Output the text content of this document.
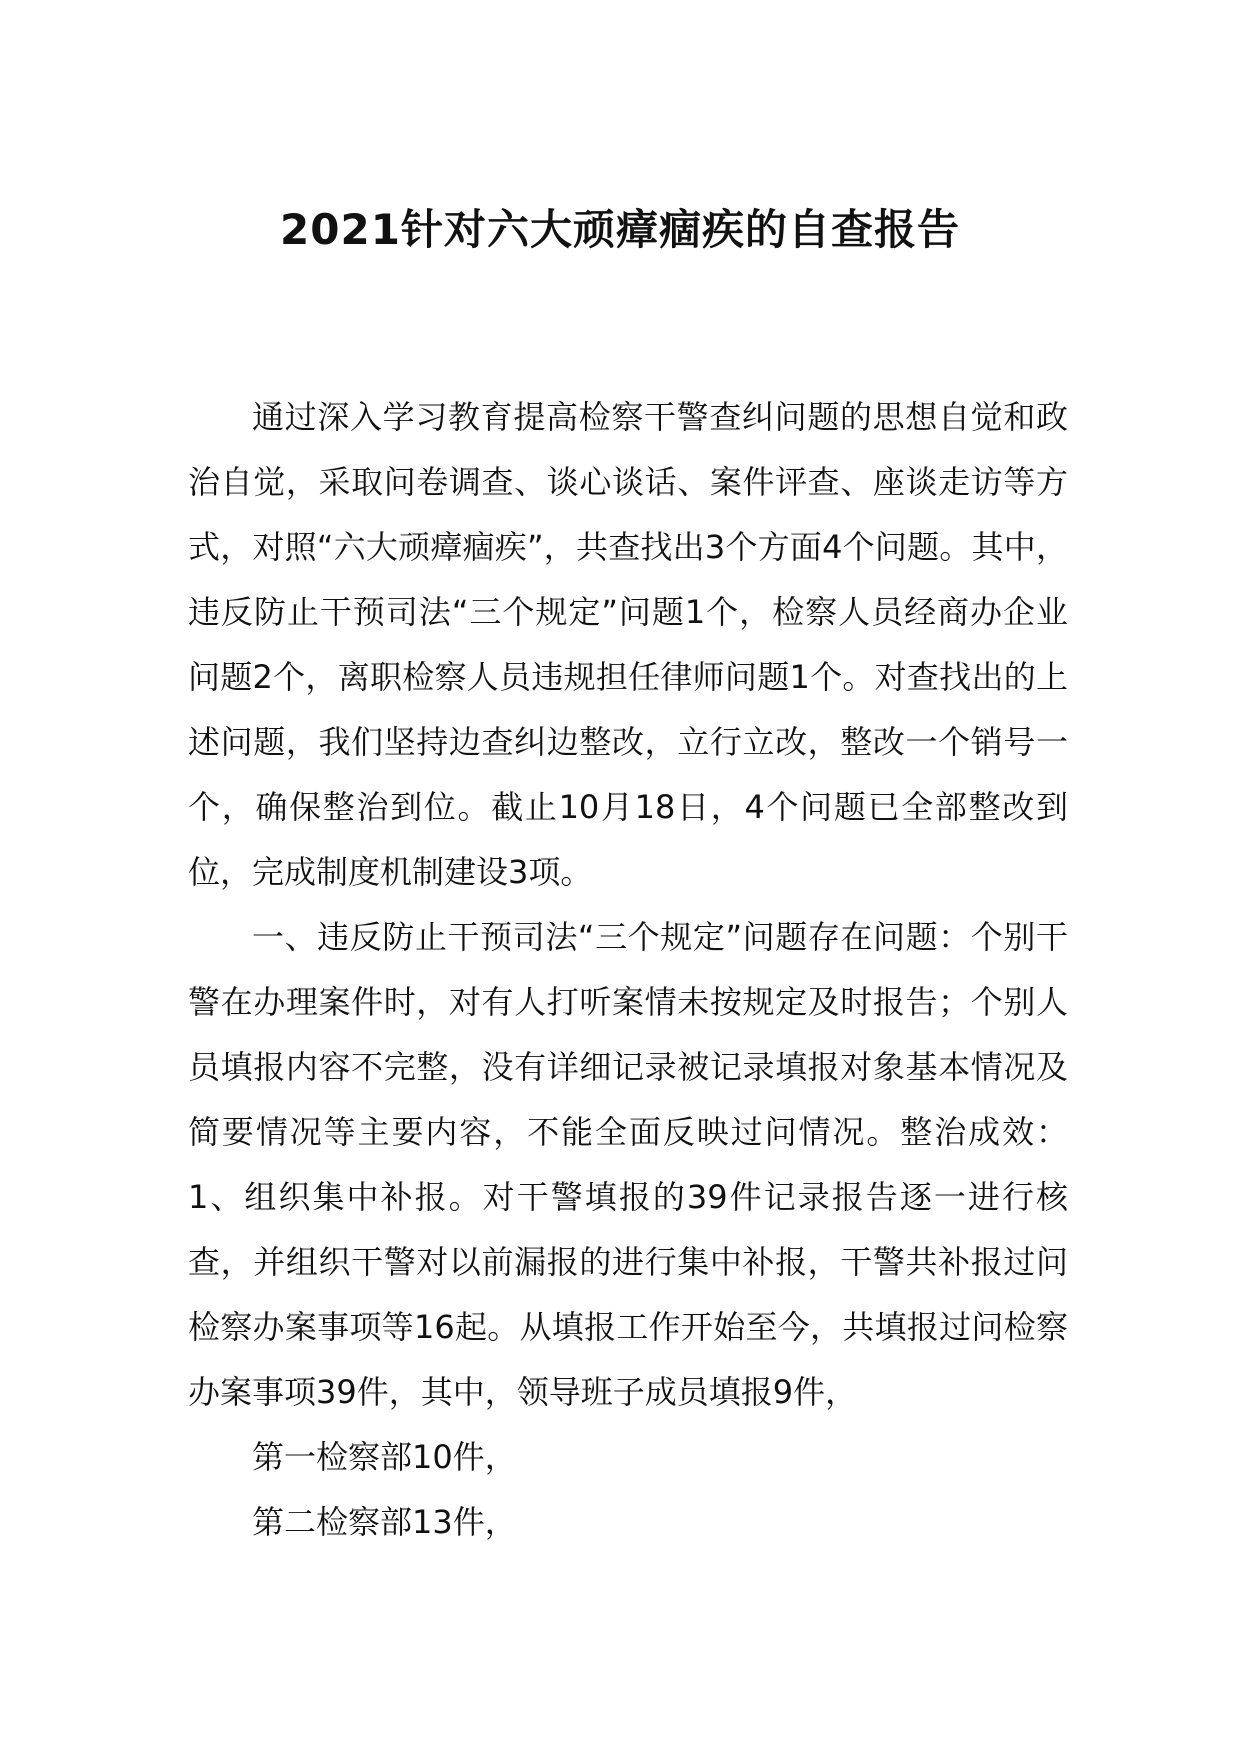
2021针对六大顽瘴痼疾的自查报告

通过深入学习教育提高检察干警查纠问题的思想自觉和政治自觉，采取问卷调查、谈心谈话、案件评查、座谈走访等方式，对照“六大顽瘴痼疾”，共查找出3个方面4个问题。其中，违反防止干预司法“三个规定”问题1个，检察人员经商办企业问题2个，离职检察人员违规担任律师问题1个。对查找出的上述问题，我们坚持边查纠边整改，立行立改，整改一个销号一个，确保整治到位。截止10月18日，4个问题已全部整改到位，完成制度机制建设3项。

一、违反防止干预司法“三个规定”问题存在问题：个别干警在办理案件时，对有人打听案情未按规定及时报告；个别人员填报内容不完整，没有详细记录被记录填报对象基本情况及简要情况等主要内容，不能全面反映过问情况。整治成效：1、组织集中补报。对干警填报的39件记录报告逐一进行核查，并组织干警对以前漏报的进行集中补报，干警共补报过问检察办案事项等16起。从填报工作开始至今，共填报过问检察办案事项39件，其中，领导班子成员填报9件，

第一检察部10件，

第二检察部13件，
